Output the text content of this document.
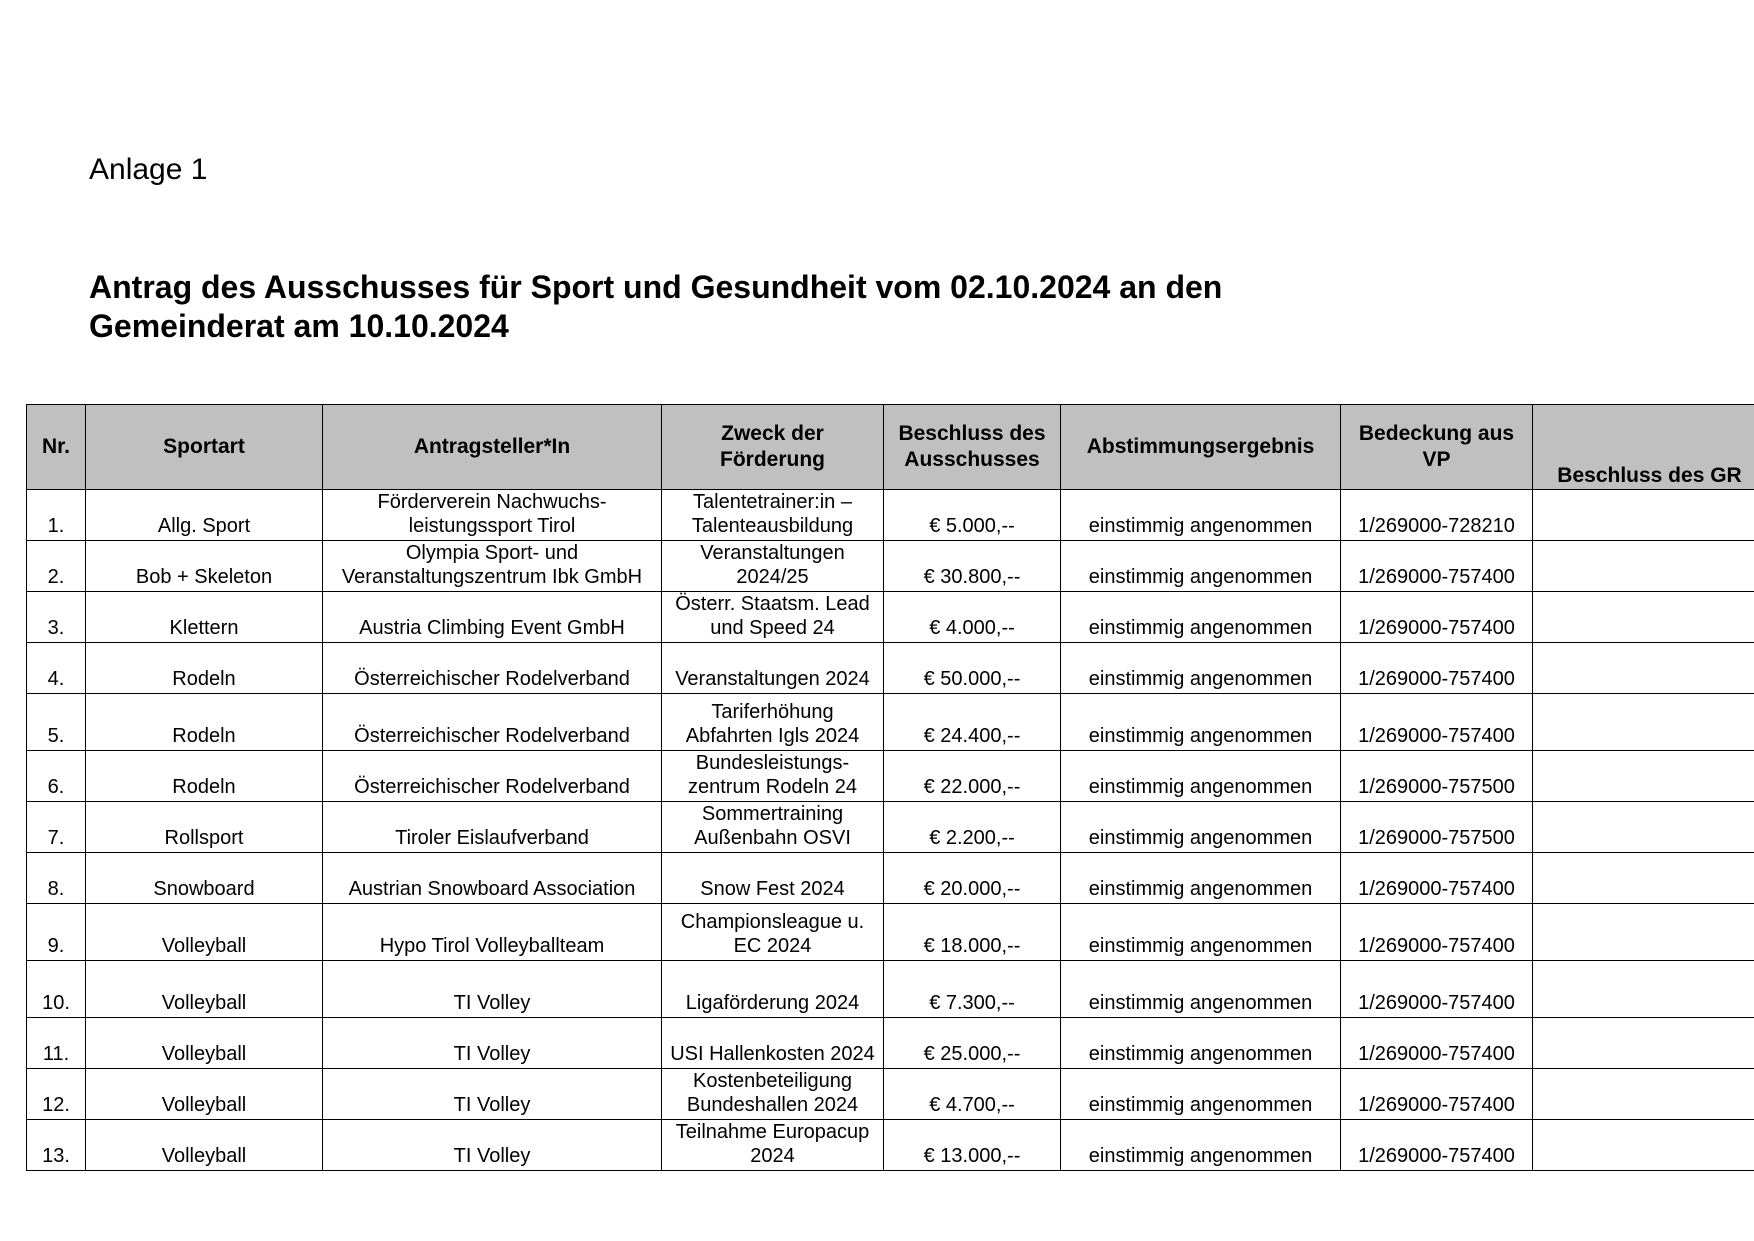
Anlage 1
Antrag des Ausschusses für Sport und Gesundheit vom 02.10.2024 an den
Gemeinderat am 10.10.2024
Nr.	Sportart	Antragsteller*In	Zweck der Förderung	Beschluss des Ausschusses	Abstimmungsergebnis	Bedeckung aus VP	Beschluss des GR
1.	Allg. Sport	Förderverein Nachwuchs- leistungssport Tirol	Talentetrainer:in – Talenteausbildung	€ 5.000,--	einstimmig angenommen	1/269000-728210	
2.	Bob + Skeleton	Olympia Sport- und Veranstaltungszentrum Ibk GmbH	Veranstaltungen 2024/25	€ 30.800,--	einstimmig angenommen	1/269000-757400	
3.	Klettern	Austria Climbing Event GmbH	Österr. Staatsm. Lead und Speed 24	€ 4.000,--	einstimmig angenommen	1/269000-757400	
4.	Rodeln	Österreichischer Rodelverband	Veranstaltungen 2024	€ 50.000,--	einstimmig angenommen	1/269000-757400	
5.	Rodeln	Österreichischer Rodelverband	Tariferhöhung Abfahrten Igls 2024	€ 24.400,--	einstimmig angenommen	1/269000-757400	
6.	Rodeln	Österreichischer Rodelverband	Bundesleistungs- zentrum Rodeln 24	€ 22.000,--	einstimmig angenommen	1/269000-757500	
7.	Rollsport	Tiroler Eislaufverband	Sommertraining Außenbahn OSVI	€ 2.200,--	einstimmig angenommen	1/269000-757500	
8.	Snowboard	Austrian Snowboard Association	Snow Fest 2024	€ 20.000,--	einstimmig angenommen	1/269000-757400	
9.	Volleyball	Hypo Tirol Volleyballteam	Championsleague u. EC 2024	€ 18.000,--	einstimmig angenommen	1/269000-757400	
10.	Volleyball	TI Volley	Ligaförderung 2024	€ 7.300,--	einstimmig angenommen	1/269000-757400	
11.	Volleyball	TI Volley	USI Hallenkosten 2024	€ 25.000,--	einstimmig angenommen	1/269000-757400	
12.	Volleyball	TI Volley	Kostenbeteiligung Bundeshallen 2024	€ 4.700,--	einstimmig angenommen	1/269000-757400	
13.	Volleyball	TI Volley	Teilnahme Europacup 2024	€ 13.000,--	einstimmig angenommen	1/269000-757400	
